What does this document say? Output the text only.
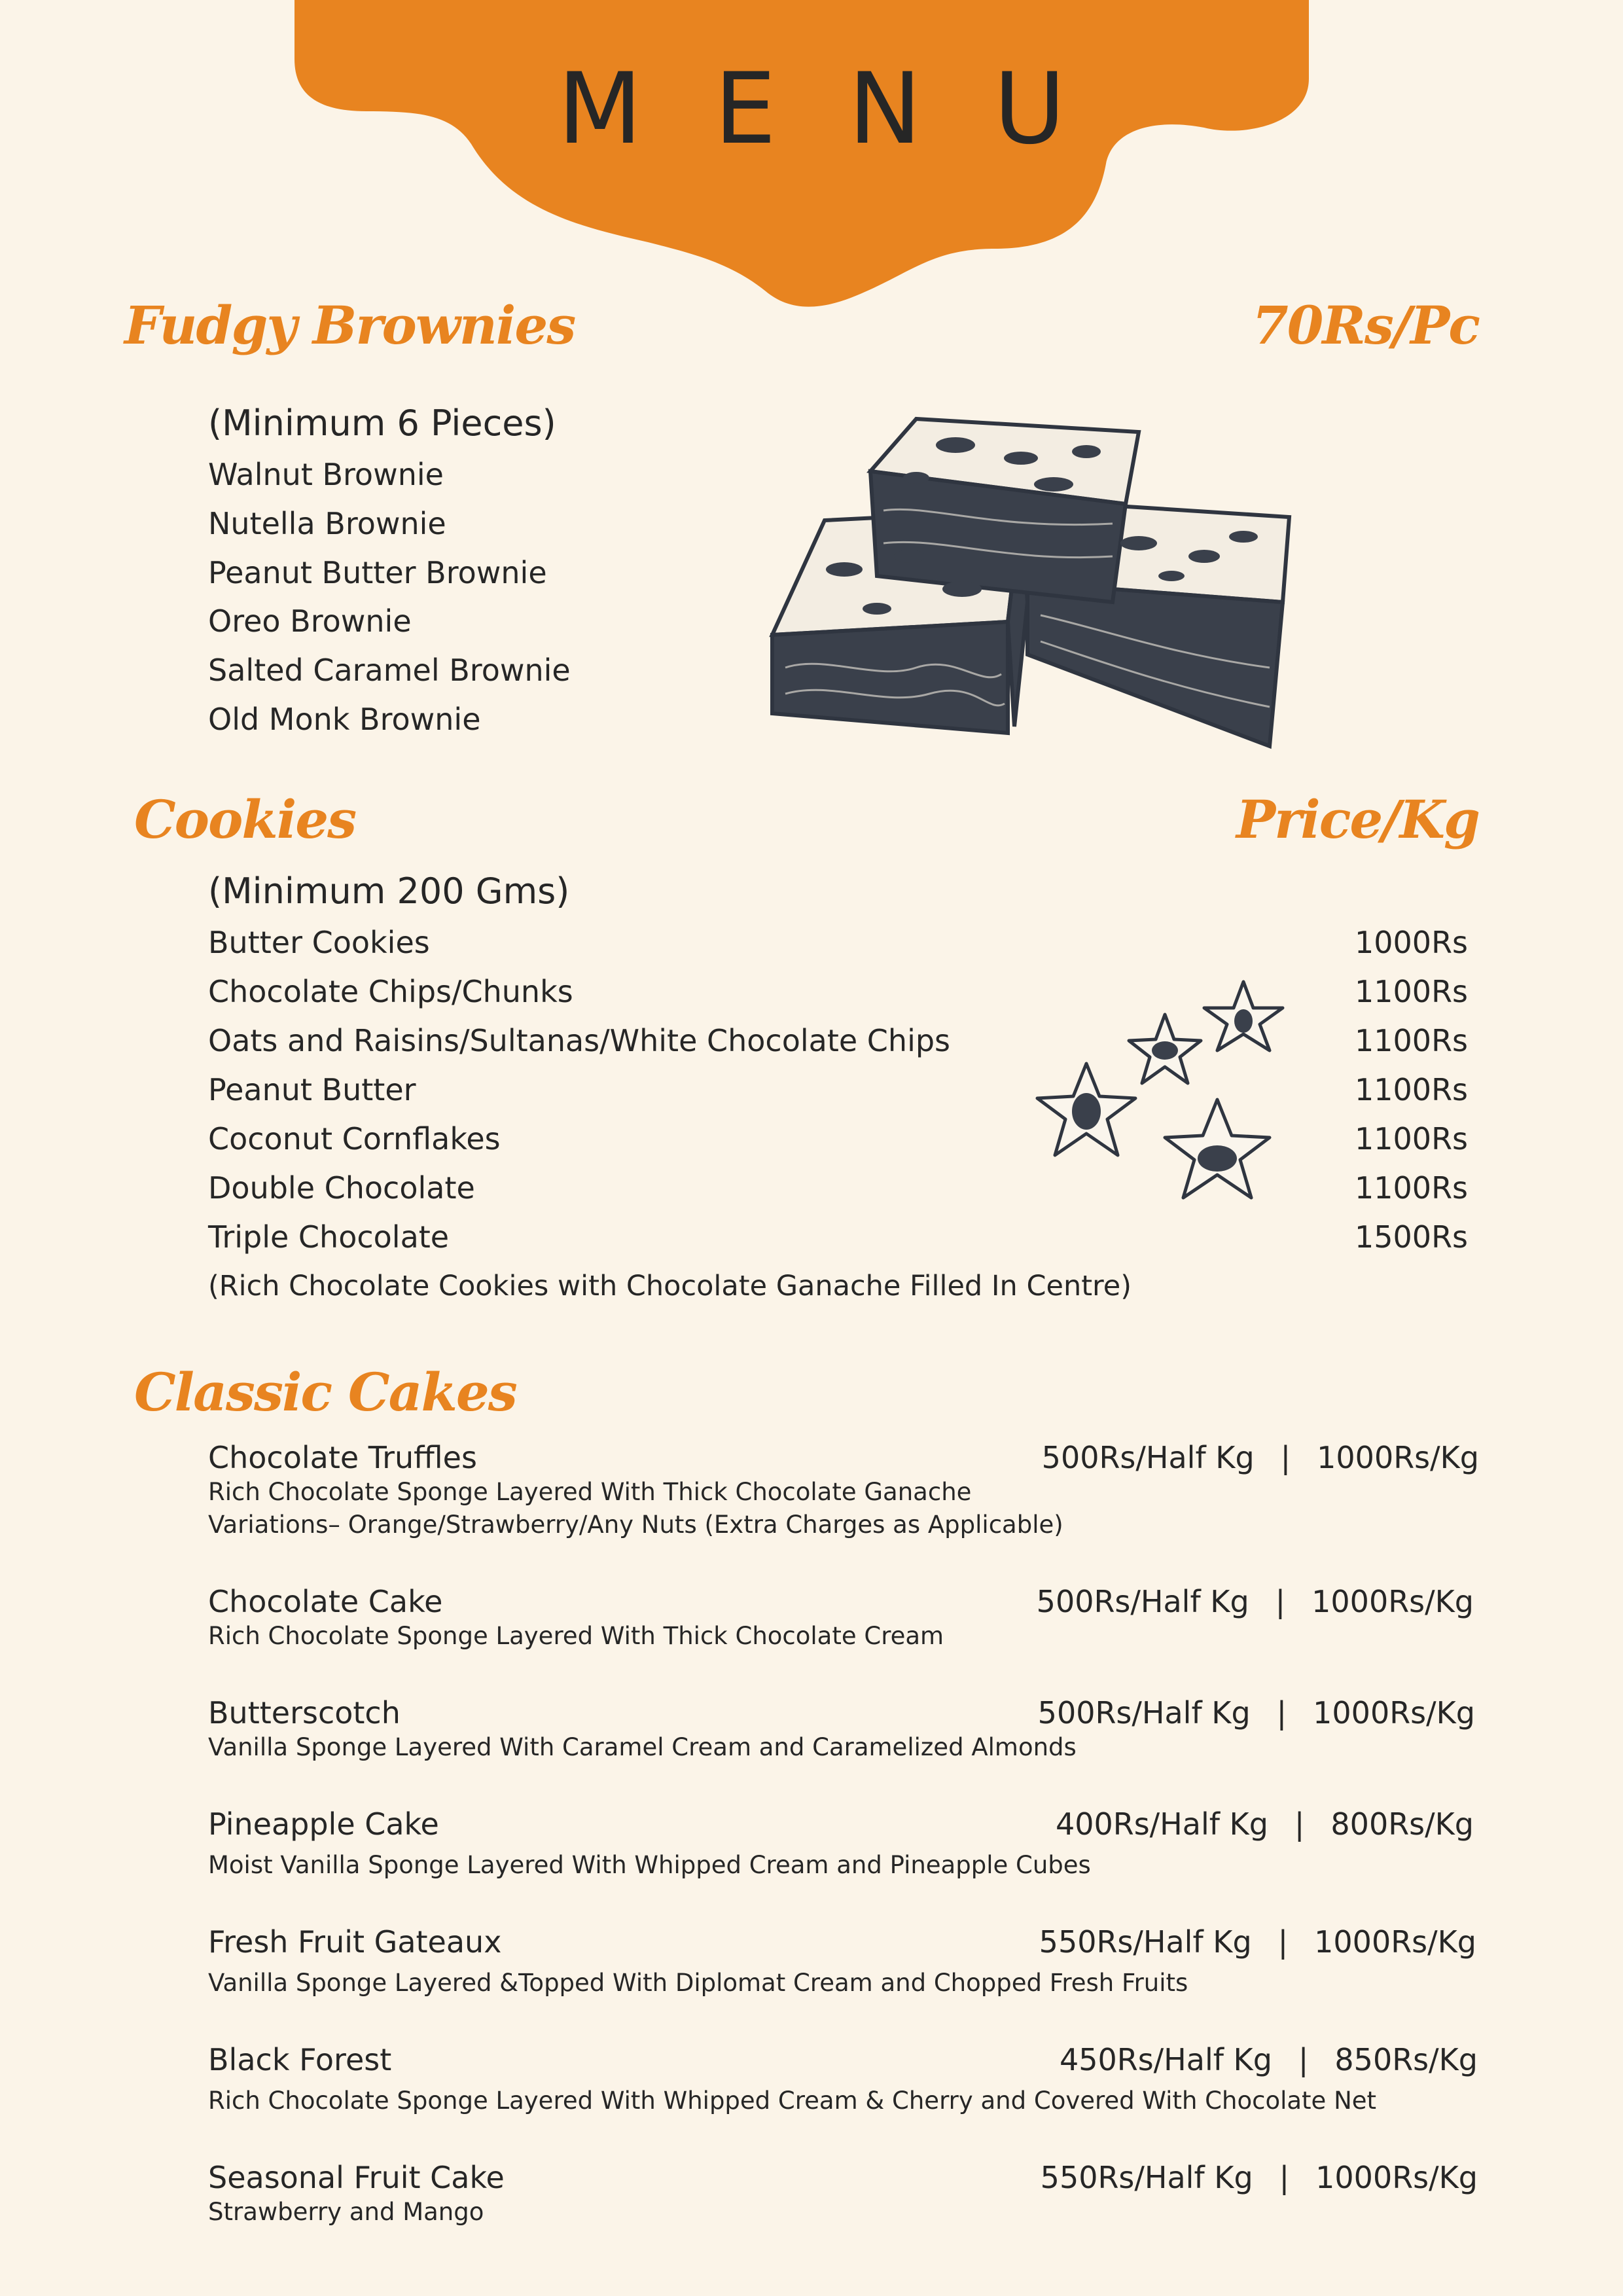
MENU
Fudgy Brownies	70Rs/Pc
(Minimum 6 Pieces)
Walnut Brownie
Nutella Brownie
Peanut Butter Brownie
Oreo Brownie
Salted Caramel Brownie
Old Monk Brownie
Cookies	Price/Kg
(Minimum 200 Gms)
Butter Cookies	1000Rs
Chocolate Chips/Chunks	1100Rs
Oats and Raisins/Sultanas/White Chocolate Chips	1100Rs
Peanut Butter	1100Rs
Coconut Cornflakes	1100Rs
Double Chocolate	1100Rs
Triple Chocolate	1500Rs
(Rich Chocolate Cookies with Chocolate Ganache Filled In Centre)
Classic Cakes
Chocolate Truffles	500Rs/Half Kg | 1000Rs/Kg
Rich Chocolate Sponge Layered With Thick Chocolate Ganache
Variations– Orange/Strawberry/Any Nuts (Extra Charges as Applicable)
Chocolate Cake	500Rs/Half Kg | 1000Rs/Kg
Rich Chocolate Sponge Layered With Thick Chocolate Cream
Butterscotch	500Rs/Half Kg | 1000Rs/Kg
Vanilla Sponge Layered With Caramel Cream and Caramelized Almonds
Pineapple Cake	400Rs/Half Kg | 800Rs/Kg
Moist Vanilla Sponge Layered With Whipped Cream and Pineapple Cubes
Fresh Fruit Gateaux	550Rs/Half Kg | 1000Rs/Kg
Vanilla Sponge Layered &Topped With Diplomat Cream and Chopped Fresh Fruits
Black Forest	450Rs/Half Kg | 850Rs/Kg
Rich Chocolate Sponge Layered With Whipped Cream & Cherry and Covered With Chocolate Net
Seasonal Fruit Cake	550Rs/Half Kg | 1000Rs/Kg
Strawberry and Mango
